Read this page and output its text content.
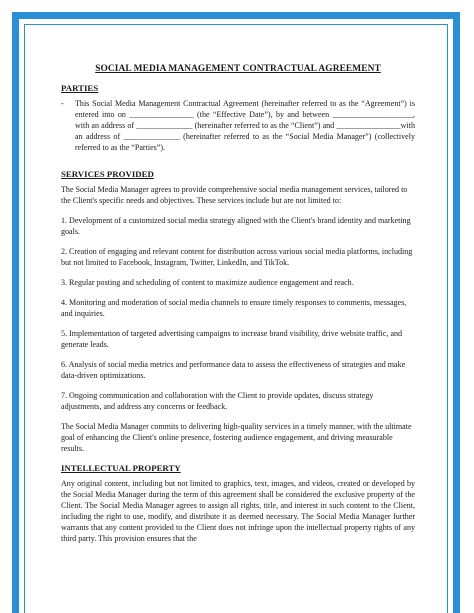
SOCIAL MEDIA MANAGEMENT CONTRACTUAL AGREEMENT
PARTIES
-	This Social Media Management Contractual Agreement (hereinafter referred to as the “Agreement”) is entered into on ________________ (the “Effective Date”), by and between ____________________, with an address of ______________ (hereinafter referred to as the “Client”) and ________________with an address of ______________ (hereinafter referred to as the “Social Media Manager”) (collectively referred to as the “Parties”).
SERVICES PROVIDED

The Social Media Manager agrees to provide comprehensive social media management services, tailored to the Client's specific needs and objectives. These services include but are not limited to:

1. Development of a customized social media strategy aligned with the Client's brand identity and marketing goals.
2. Creation of engaging and relevant content for distribution across various social media platforms, including but not limited to Facebook, Instagram, Twitter, LinkedIn, and TikTok.
3. Regular posting and scheduling of content to maximize audience engagement and reach.
4. Monitoring and moderation of social media channels to ensure timely responses to comments, messages, and inquiries.
5. Implementation of targeted advertising campaigns to increase brand visibility, drive website traffic, and generate leads.
6. Analysis of social media metrics and performance data to assess the effectiveness of strategies and make data-driven optimizations.
7. Ongoing communication and collaboration with the Client to provide updates, discuss strategy adjustments, and address any concerns or feedback.

The Social Media Manager commits to delivering high-quality services in a timely manner, with the ultimate goal of enhancing the Client's online presence, fostering audience engagement, and driving measurable results.

INTELLECTUAL PROPERTY

Any original content, including but not limited to graphics, text, images, and videos, created or developed by the Social Media Manager during the term of this agreement shall be considered the exclusive property of the Client. The Social Media Manager agrees to assign all rights, title, and interest in such content to the Client, including the right to use, modify, and distribute it as deemed necessary. The Social Media Manager further warrants that any content provided to the Client does not infringe upon the intellectual property rights of any third party. This provision ensures that the
